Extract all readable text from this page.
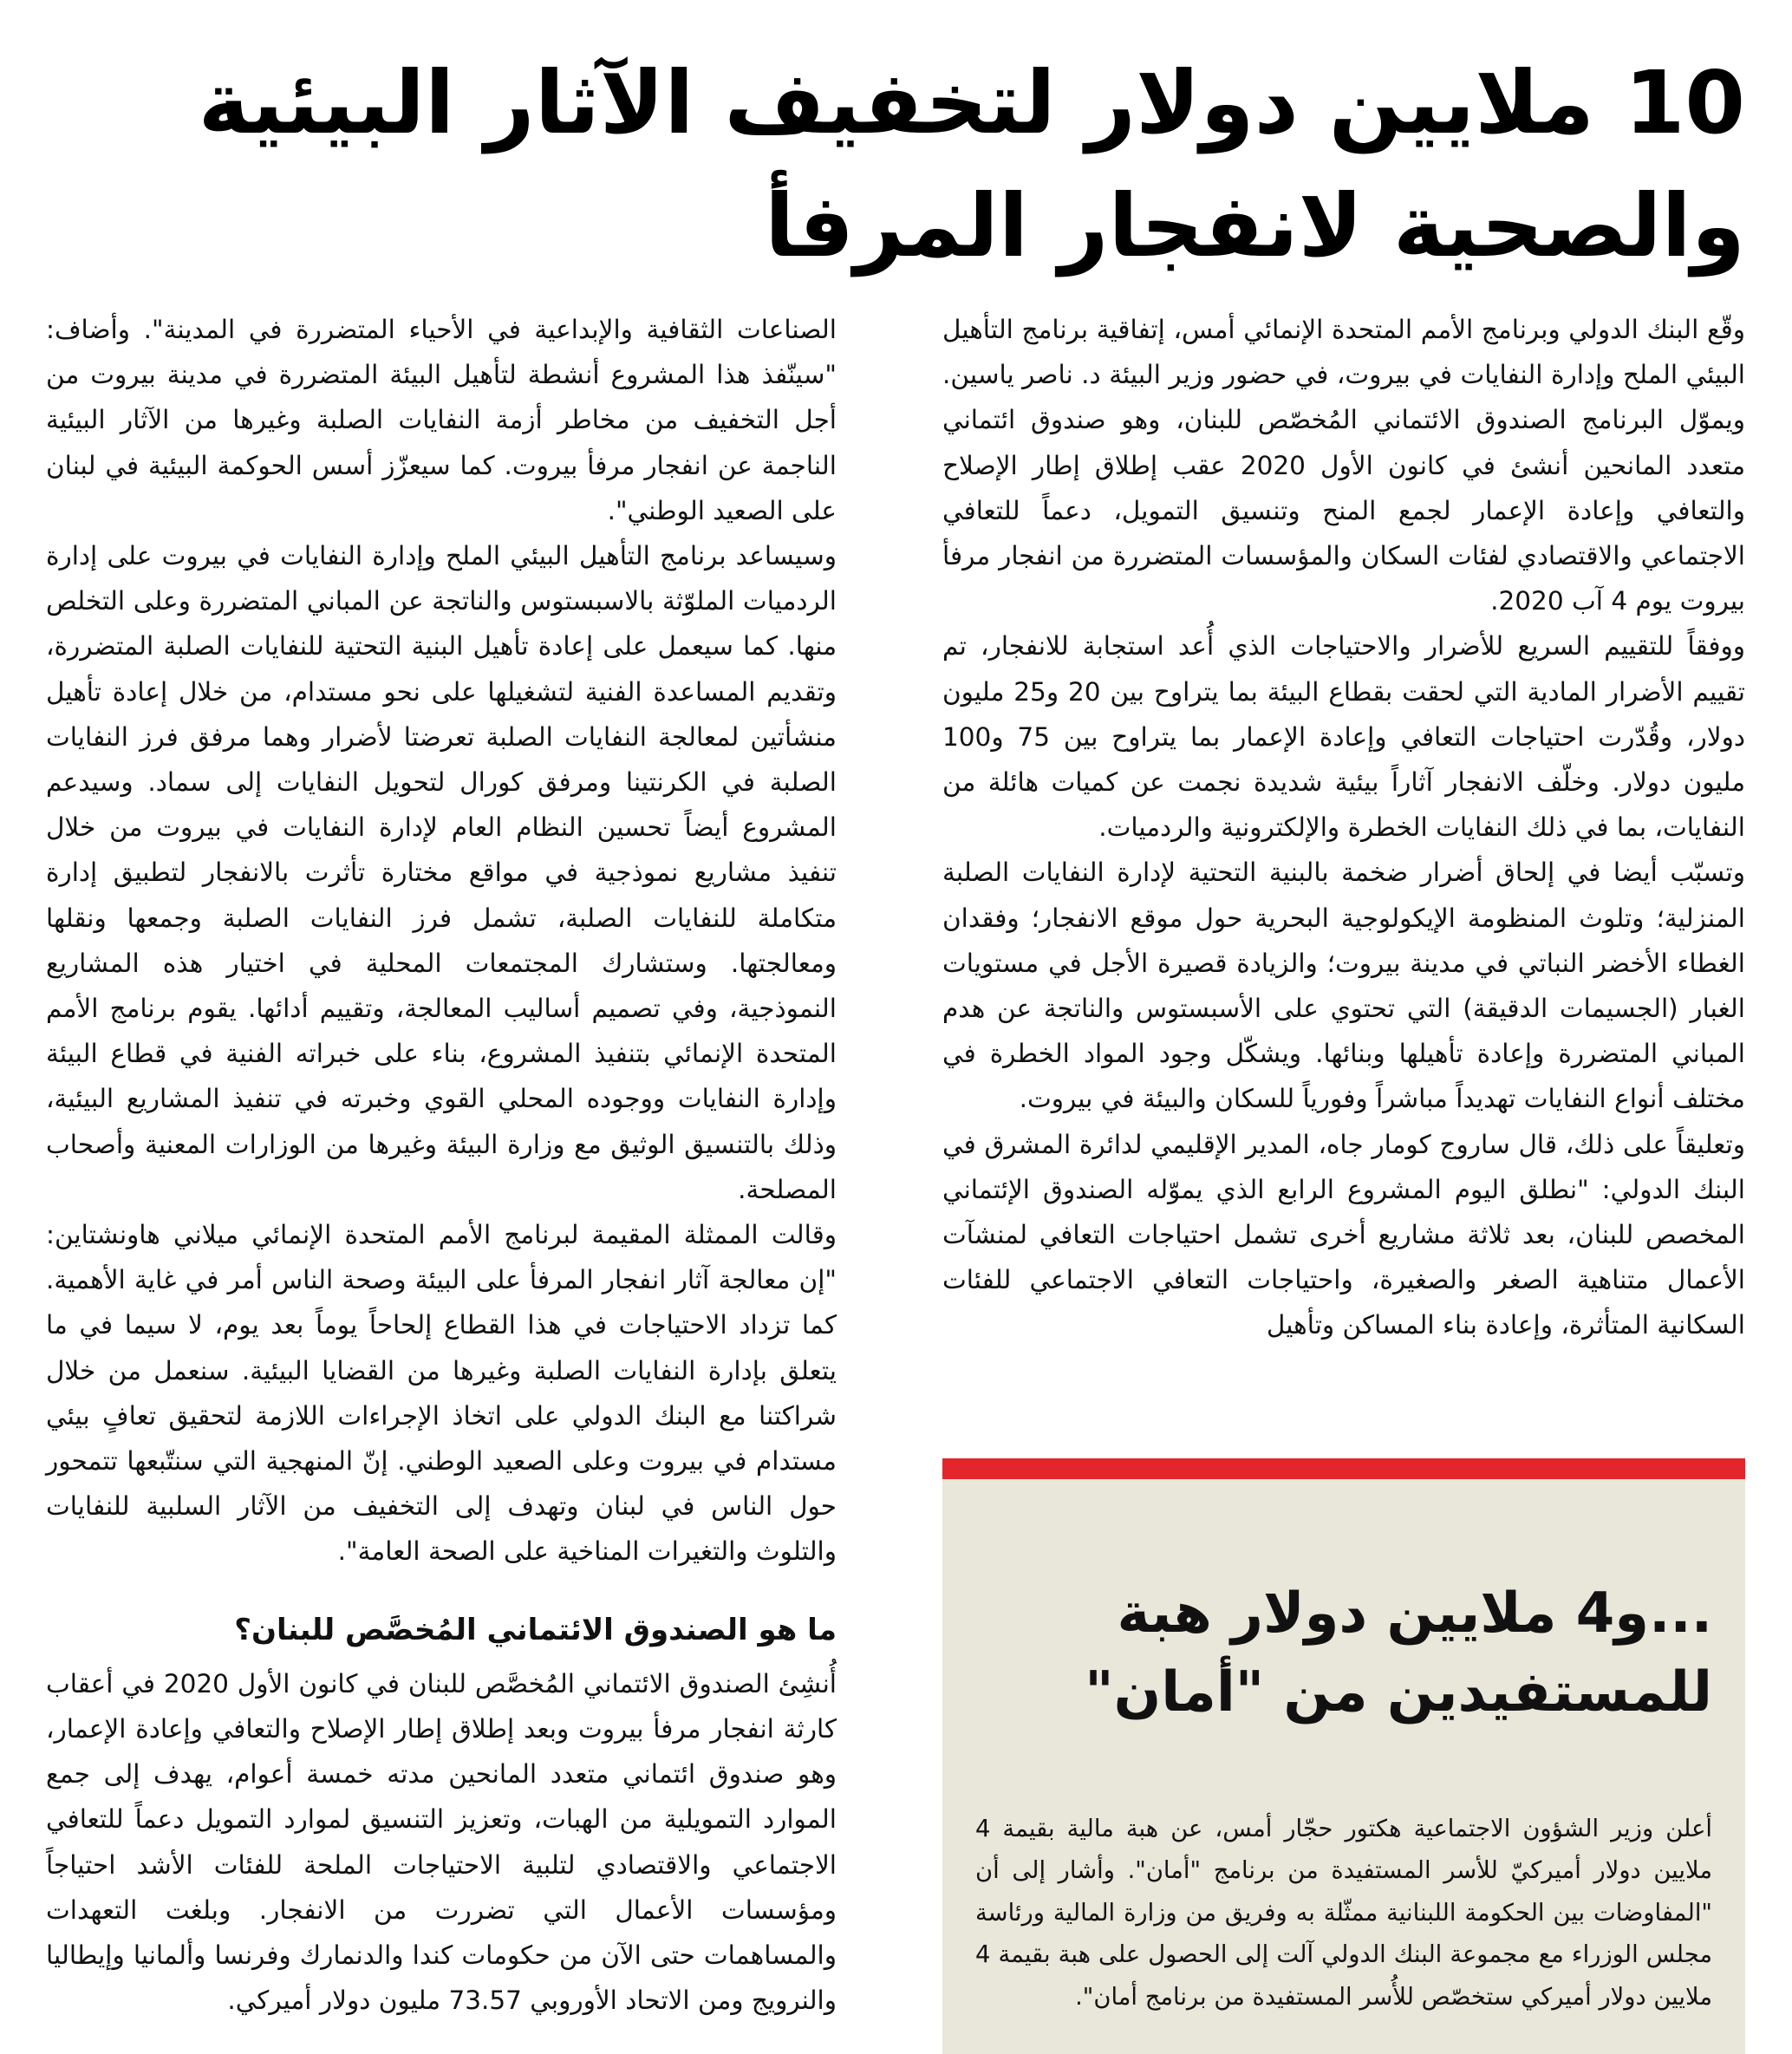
10 ملايين دولار لتخفيف الآثار البيئية والصحية لانفجار المرفأ

وقّع البنك الدولي وبرنامج الأمم المتحدة الإنمائي أمس، إتفاقية برنامج التأهيل البيئي الملح وإدارة النفايات في بيروت، في حضور وزير البيئة د. ناصر ياسين. ويموّل البرنامج الصندوق الائتماني المُخصّص للبنان، وهو صندوق ائتماني متعدد المانحين أنشئ في كانون الأول 2020 عقب إطلاق إطار الإصلاح والتعافي وإعادة الإعمار لجمع المنح وتنسيق التمويل، دعماً للتعافي الاجتماعي والاقتصادي لفئات السكان والمؤسسات المتضررة من انفجار مرفأ بيروت يوم 4 آب 2020.

ووفقاً للتقييم السريع للأضرار والاحتياجات الذي أُعد استجابة للانفجار، تم تقييم الأضرار المادية التي لحقت بقطاع البيئة بما يتراوح بين 20 و25 مليون دولار، وقُدّرت احتياجات التعافي وإعادة الإعمار بما يتراوح بين 75 و100 مليون دولار. وخلّف الانفجار آثاراً بيئية شديدة نجمت عن كميات هائلة من النفايات، بما في ذلك النفايات الخطرة والإلكترونية والردميات.

وتسبّب أيضا في إلحاق أضرار ضخمة بالبنية التحتية لإدارة النفايات الصلبة المنزلية؛ وتلوث المنظومة الإيكولوجية البحرية حول موقع الانفجار؛ وفقدان الغطاء الأخضر النباتي في مدينة بيروت؛ والزيادة قصيرة الأجل في مستويات الغبار (الجسيمات الدقيقة) التي تحتوي على الأسبستوس والناتجة عن هدم المباني المتضررة وإعادة تأهيلها وبنائها. ويشكّل وجود المواد الخطرة في مختلف أنواع النفايات تهديداً مباشراً وفورياً للسكان والبيئة في بيروت.

وتعليقاً على ذلك، قال ساروج كومار جاه، المدير الإقليمي لدائرة المشرق في البنك الدولي: "نطلق اليوم المشروع الرابع الذي يموّله الصندوق الإئتماني المخصص للبنان، بعد ثلاثة مشاريع أخرى تشمل احتياجات التعافي لمنشآت الأعمال متناهية الصغر والصغيرة، واحتياجات التعافي الاجتماعي للفئات السكانية المتأثرة، وإعادة بناء المساكن وتأهيل

الصناعات الثقافية والإبداعية في الأحياء المتضررة في المدينة". وأضاف: "سينّفذ هذا المشروع أنشطة لتأهيل البيئة المتضررة في مدينة بيروت من أجل التخفيف من مخاطر أزمة النفايات الصلبة وغيرها من الآثار البيئية الناجمة عن انفجار مرفأ بيروت. كما سيعزّز أسس الحوكمة البيئية في لبنان على الصعيد الوطني".

وسيساعد برنامج التأهيل البيئي الملح وإدارة النفايات في بيروت على إدارة الردميات الملوّثة بالاسبستوس والناتجة عن المباني المتضررة وعلى التخلص منها. كما سيعمل على إعادة تأهيل البنية التحتية للنفايات الصلبة المتضررة، وتقديم المساعدة الفنية لتشغيلها على نحو مستدام، من خلال إعادة تأهيل منشأتين لمعالجة النفايات الصلبة تعرضتا لأضرار وهما مرفق فرز النفايات الصلبة في الكرنتينا ومرفق كورال لتحويل النفايات إلى سماد. وسيدعم المشروع أيضاً تحسين النظام العام لإدارة النفايات في بيروت من خلال تنفيذ مشاريع نموذجية في مواقع مختارة تأثرت بالانفجار لتطبيق إدارة متكاملة للنفايات الصلبة، تشمل فرز النفايات الصلبة وجمعها ونقلها ومعالجتها. وستشارك المجتمعات المحلية في اختيار هذه المشاريع النموذجية، وفي تصميم أساليب المعالجة، وتقييم أدائها. يقوم برنامج الأمم المتحدة الإنمائي بتنفيذ المشروع، بناء على خبراته الفنية في قطاع البيئة وإدارة النفايات ووجوده المحلي القوي وخبرته في تنفيذ المشاريع البيئية، وذلك بالتنسيق الوثيق مع وزارة البيئة وغيرها من الوزارات المعنية وأصحاب المصلحة.

وقالت الممثلة المقيمة لبرنامج الأمم المتحدة الإنمائي ميلاني هاونشتاين: "إن معالجة آثار انفجار المرفأ على البيئة وصحة الناس أمر في غاية الأهمية. كما تزداد الاحتياجات في هذا القطاع إلحاحاً يوماً بعد يوم، لا سيما في ما يتعلق بإدارة النفايات الصلبة وغيرها من القضايا البيئية. سنعمل من خلال شراكتنا مع البنك الدولي على اتخاذ الإجراءات اللازمة لتحقيق تعافٍ بيئي مستدام في بيروت وعلى الصعيد الوطني. إنّ المنهجية التي سنتّبعها تتمحور حول الناس في لبنان وتهدف إلى التخفيف من الآثار السلبية للنفايات والتلوث والتغيرات المناخية على الصحة العامة".

ما هو الصندوق الائتماني المُخصَّص للبنان؟

أُنشِئ الصندوق الائتماني المُخصَّص للبنان في كانون الأول 2020 في أعقاب كارثة انفجار مرفأ بيروت وبعد إطلاق إطار الإصلاح والتعافي وإعادة الإعمار، وهو صندوق ائتماني متعدد المانحين مدته خمسة أعوام، يهدف إلى جمع الموارد التمويلية من الهبات، وتعزيز التنسيق لموارد التمويل دعماً للتعافي الاجتماعي والاقتصادي لتلبية الاحتياجات الملحة للفئات الأشد احتياجاً ومؤسسات الأعمال التي تضررت من الانفجار. وبلغت التعهدات والمساهمات حتى الآن من حكومات كندا والدنمارك وفرنسا وألمانيا وإيطاليا والنرويج ومن الاتحاد الأوروبي 73.57 مليون دولار أميركي.

...و4 ملايين دولار هبة للمستفيدين من "أمان"

أعلن وزير الشؤون الاجتماعية هكتور حجّار أمس، عن هبة مالية بقيمة 4 ملايين دولار أميركيّ للأسر المستفيدة من برنامج "أمان". وأشار إلى أن "المفاوضات بين الحكومة اللبنانية ممثّلة به وفريق من وزارة المالية ورئاسة مجلس الوزراء مع مجموعة البنك الدولي آلت إلى الحصول على هبة بقيمة 4 ملايين دولار أميركي ستخصّص للأُسر المستفيدة من برنامج أمان".
